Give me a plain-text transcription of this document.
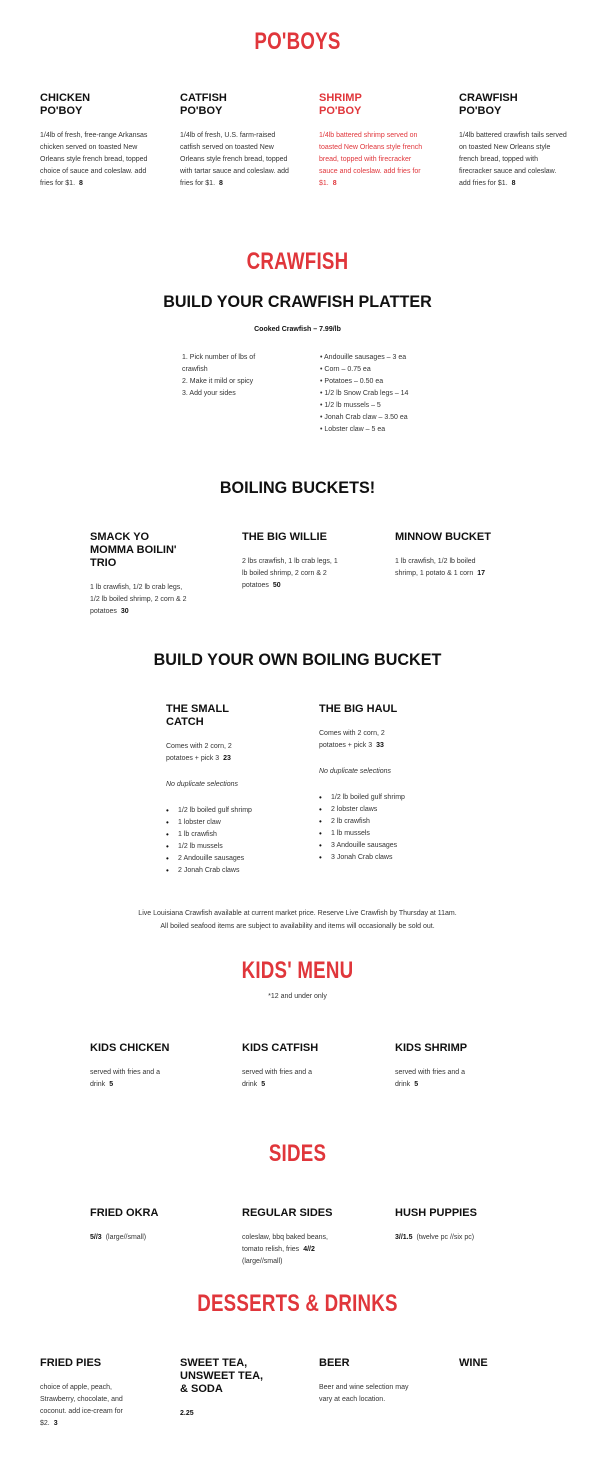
PO'BOYS
CHICKEN
PO'BOY
1/4lb of fresh, free-range Arkansas chicken served on toasted New Orleans style french bread, topped choice of sauce and coleslaw. add fries for $1. 8
CATFISH
PO'BOY
1/4lb of fresh, U.S. farm-raised catfish served on toasted New Orleans style french bread, topped with tartar sauce and coleslaw. add fries for $1. 8
SHRIMP
PO'BOY
1/4lb battered shrimp served on toasted New Orleans style french bread, topped with firecracker sauce and coleslaw. add fries for $1. 8
CRAWFISH
PO'BOY
1/4lb battered crawfish tails served on toasted New Orleans style french bread, topped with firecracker sauce and coleslaw. add fries for $1. 8
CRAWFISH
BUILD YOUR CRAWFISH PLATTER
Cooked Crawfish – 7.99/lb
1. Pick number of lbs of crawfish
2. Make it mild or spicy
3. Add your sides
• Andouille sausages – 3 ea
• Corn – 0.75 ea
• Potatoes – 0.50 ea
• 1/2 lb Snow Crab legs – 14
• 1/2 lb mussels – 5
• Jonah Crab claw – 3.50 ea
• Lobster claw – 5 ea
BOILING BUCKETS!
SMACK YO
MOMMA BOILIN'
TRIO
1 lb crawfish, 1/2 lb crab legs, 1/2 lb boiled shrimp, 2 corn & 2 potatoes 30
THE BIG WILLIE
2 lbs crawfish, 1 lb crab legs, 1 lb boiled shrimp, 2 corn & 2 potatoes 50
MINNOW BUCKET
1 lb crawfish, 1/2 lb boiled shrimp, 1 potato & 1 corn 17
BUILD YOUR OWN BOILING BUCKET
THE SMALL
CATCH
Comes with 2 corn, 2 potatoes + pick 3 23
No duplicate selections
• 1/2 lb boiled gulf shrimp
• 1 lobster claw
• 1 lb crawfish
• 1/2 lb mussels
• 2 Andouille sausages
• 2 Jonah Crab claws
THE BIG HAUL
Comes with 2 corn, 2 potatoes + pick 3 33
No duplicate selections
• 1/2 lb boiled gulf shrimp
• 2 lobster claws
• 2 lb crawfish
• 1 lb mussels
• 3 Andouille sausages
• 3 Jonah Crab claws
Live Louisiana Crawfish available at current market price. Reserve Live Crawfish by Thursday at 11am.
All boiled seafood items are subject to availability and items will occasionally be sold out.
KIDS' MENU
*12 and under only
KIDS CHICKEN
served with fries and a drink 5
KIDS CATFISH
served with fries and a drink 5
KIDS SHRIMP
served with fries and a drink 5
SIDES
FRIED OKRA
5//3 (large//small)
REGULAR SIDES
coleslaw, bbq baked beans, tomato relish, fries 4//2 (large//small)
HUSH PUPPIES
3//1.5 (twelve pc //six pc)
DESSERTS & DRINKS
FRIED PIES
choice of apple, peach, Strawberry, chocolate, and coconut. add ice-cream for $2. 3
SWEET TEA,
UNSWEET TEA,
& SODA
2.25
BEER
Beer and wine selection may vary at each location.
WINE
